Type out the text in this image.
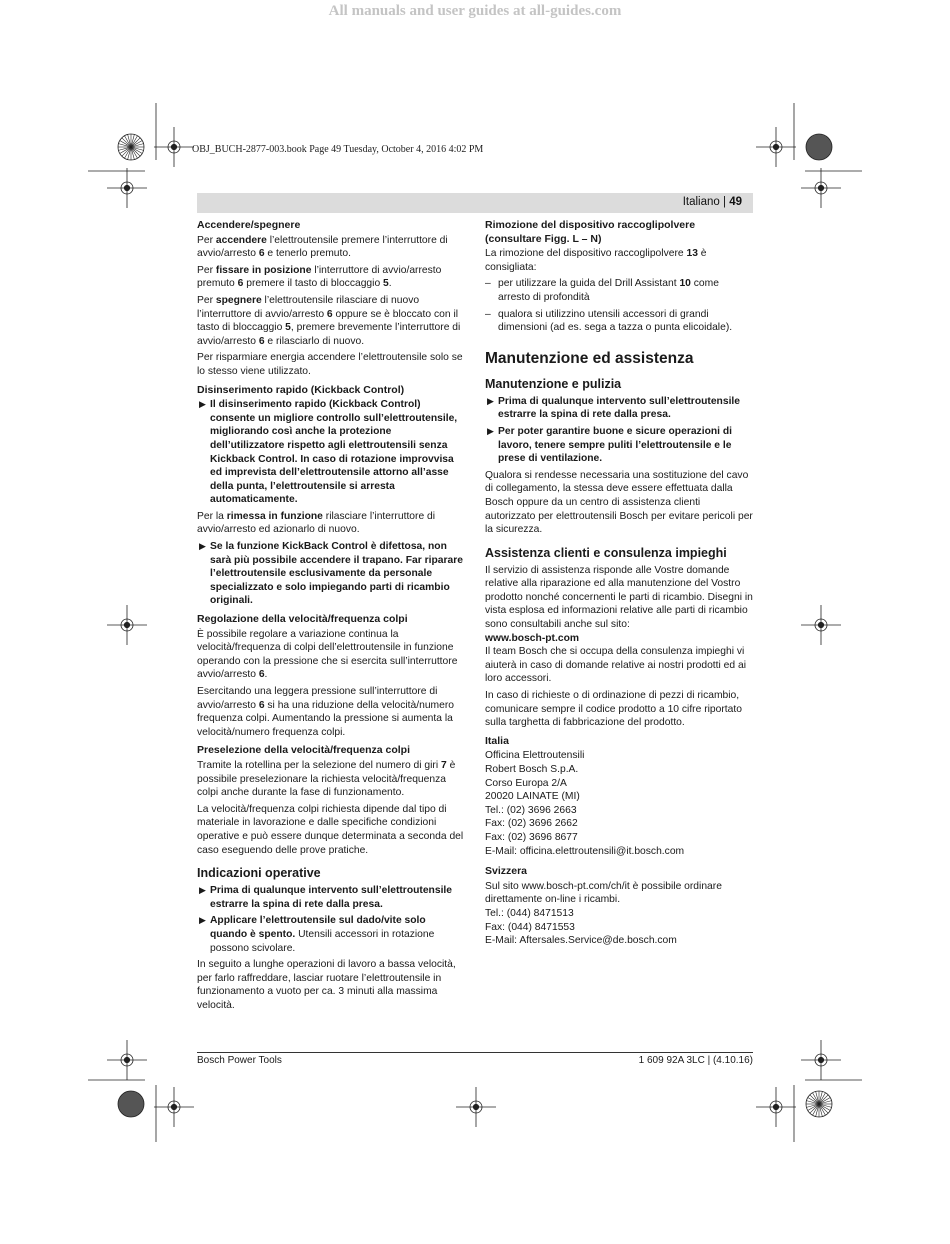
All manuals and user guides at all-guides.com
OBJ_BUCH-2877-003.book Page 49 Tuesday, October 4, 2016 4:02 PM
Italiano | 49
Accendere/spegnere

Per accendere l’elettroutensile premere l’interruttore di avvio/arresto 6 e tenerlo premuto.

Per fissare in posizione l’interruttore di avvio/arresto premuto 6 premere il tasto di bloccaggio 5.

Per spegnere l’elettroutensile rilasciare di nuovo l’interruttore di avvio/arresto 6 oppure se è bloccato con il tasto di bloccaggio 5, premere brevemente l’interruttore di avvio/arresto 6 e rilasciarlo di nuovo.

Per risparmiare energia accendere l’elettroutensile solo se lo stesso viene utilizzato.

Disinserimento rapido (Kickback Control)
▶ Il disinserimento rapido (Kickback Control) consente un migliore controllo sull’elettroutensile, migliorando così anche la protezione dell’utilizzatore rispetto agli elettroutensili senza Kickback Control. In caso di rotazione improvvisa ed imprevista dell’elettroutensile attorno all’asse della punta, l’elettroutensile si arresta automaticamente.

Per la rimessa in funzione rilasciare l’interruttore di avvio/arresto ed azionarlo di nuovo.

▶ Se la funzione KickBack Control è difettosa, non sarà più possibile accendere il trapano. Far riparare l’elettroutensile esclusivamente da personale specializzato e solo impiegando parti di ricambio originali.
Regolazione della velocità/frequenza colpi

È possibile regolare a variazione continua la velocità/frequenza di colpi dell’elettroutensile in funzione operando con la pressione che si esercita sull’interruttore avvio/arresto 6.

Esercitando una leggera pressione sull’interruttore di avvio/arresto 6 si ha una riduzione della velocità/numero frequenza colpi. Aumentando la pressione si aumenta la velocità/numero frequenza colpi.

Preselezione della velocità/frequenza colpi

Tramite la rotellina per la selezione del numero di giri 7 è possibile preselezionare la richiesta velocità/frequenza colpi anche durante la fase di funzionamento.

La velocità/frequenza colpi richiesta dipende dal tipo di materiale in lavorazione e dalle specifiche condizioni operative e può essere dunque determinata a seconda del caso eseguendo delle prove pratiche.

Indicazioni operative
▶ Prima di qualunque intervento sull’elettroutensile estrarre la spina di rete dalla presa.
▶ Applicare l’elettroutensile sul dado/vite solo quando è spento. Utensili accessori in rotazione possono scivolare.

In seguito a lunghe operazioni di lavoro a bassa velocità, per farlo raffreddare, lasciar ruotare l’elettroutensile in funzionamento a vuoto per ca. 3 minuti alla massima velocità.

Rimozione del dispositivo raccoglipolvere (consultare Figg. L – N)

La rimozione del dispositivo raccoglipolvere 13 è consigliata:

– per utilizzare la guida del Drill Assistant 10 come arresto di profondità
– qualora si utilizzino utensili accessori di grandi dimensioni (ad es. sega a tazza o punta elicoidale).
Manutenzione ed assistenza
Manutenzione e pulizia
▶ Prima di qualunque intervento sull’elettroutensile estrarre la spina di rete dalla presa.
▶ Per poter garantire buone e sicure operazioni di lavoro, tenere sempre puliti l’elettroutensile e le prese di ventilazione.

Qualora si rendesse necessaria una sostituzione del cavo di collegamento, la stessa deve essere effettuata dalla Bosch oppure da un centro di assistenza clienti autorizzato per elettroutensili Bosch per evitare pericoli per la sicurezza.

Assistenza clienti e consulenza impieghi

Il servizio di assistenza risponde alle Vostre domande relative alla riparazione ed alla manutenzione del Vostro prodotto nonché concernenti le parti di ricambio. Disegni in vista esplosa ed informazioni relative alle parti di ricambio sono consultabili anche sul sito:

www.bosch-pt.com

Il team Bosch che si occupa della consulenza impieghi vi aiuterà in caso di domande relative ai nostri prodotti ed ai loro accessori.

In caso di richieste o di ordinazione di pezzi di ricambio, comunicare sempre il codice prodotto a 10 cifre riportato sulla targhetta di fabbricazione del prodotto.

Italia

Officina Elettroutensili

Robert Bosch S.p.A.

Corso Europa 2/A

20020 LAINATE (MI)

Tel.: (02) 3696 2663

Fax: (02) 3696 2662

Fax: (02) 3696 8677

E-Mail: officina.elettroutensili@it.bosch.com

Svizzera

Sul sito www.bosch-pt.com/ch/it è possibile ordinare direttamente on-line i ricambi.

Tel.: (044) 8471513

Fax: (044) 8471553

E-Mail: Aftersales.Service@de.bosch.com

Bosch Power Tools	1 609 92A 3LC | (4.10.16)
